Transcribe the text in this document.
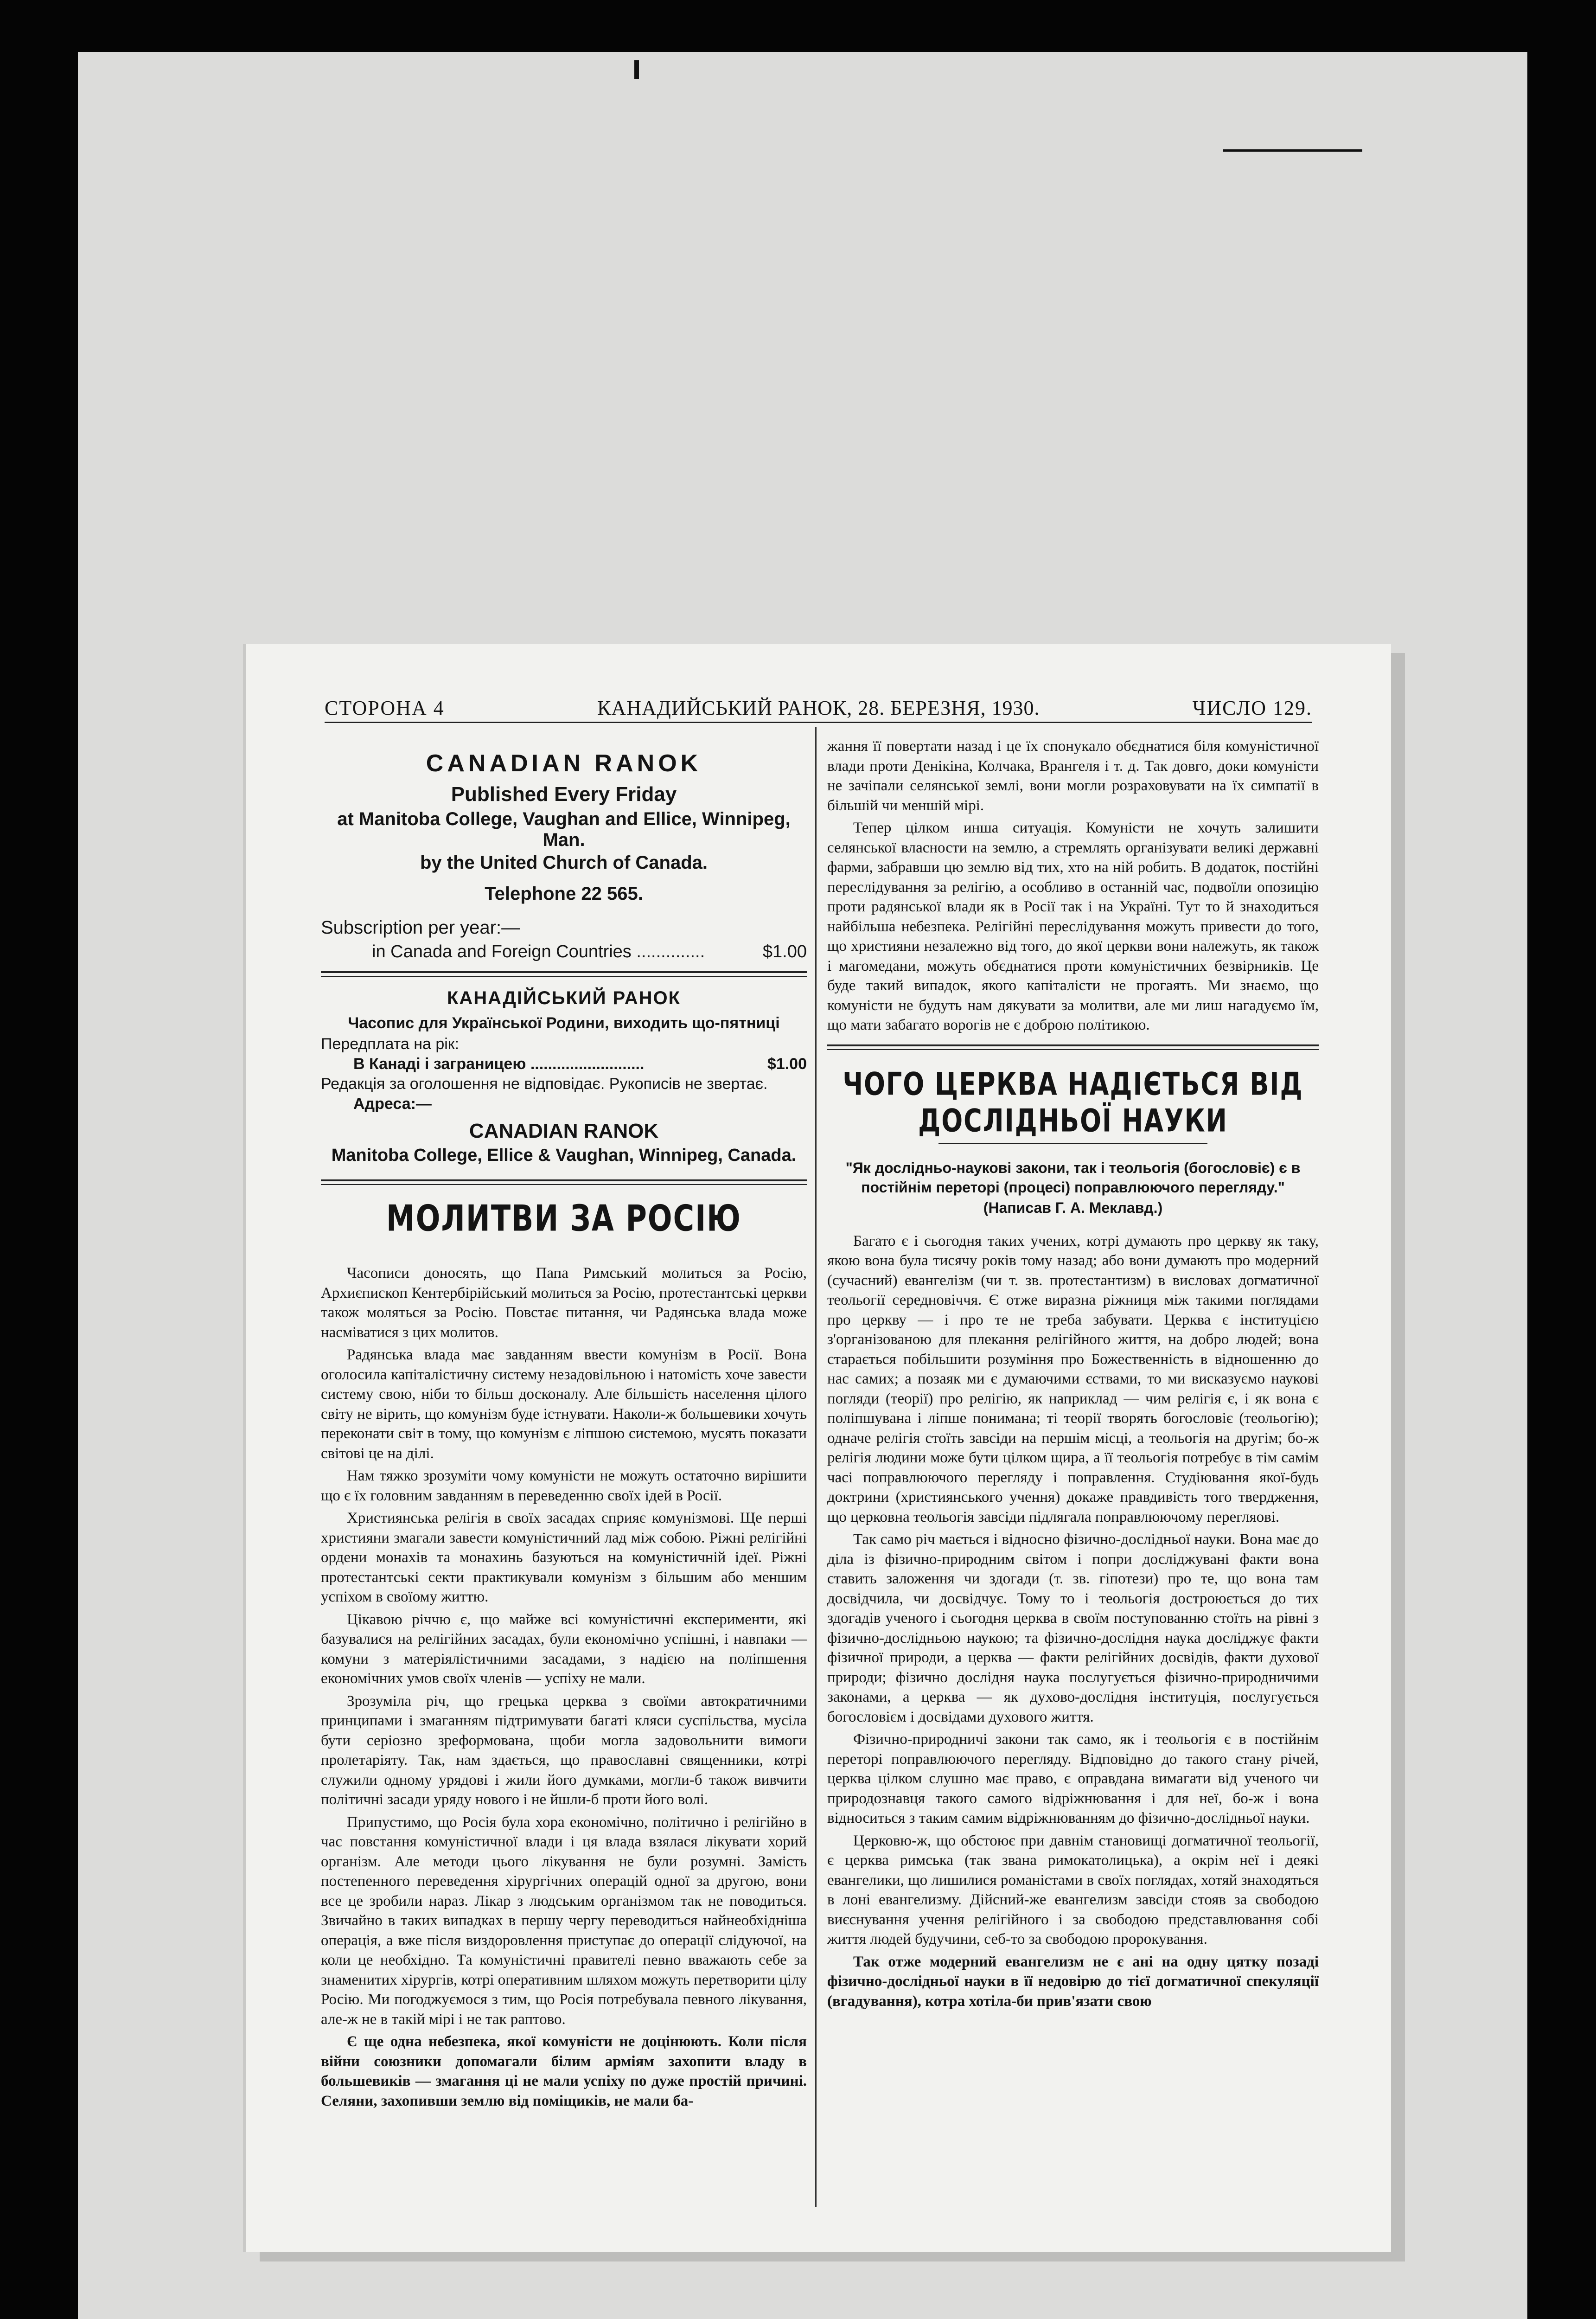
СТОРОНА 4	КАНАДИЙСЬКИЙ РАНОК, 28. БЕРЕЗНЯ, 1930.	ЧИСЛО 129.
CANADIAN RANOK
Published Every Friday
at Manitoba College, Vaughan and Ellice, Winnipeg, Man.
by the United Church of Canada.
Telephone 22 565.
Subscription per year:—
in Canada and Foreign Countries ..............	$1.00
КАНАДІЙСЬКИЙ РАНОК
Часопис для Української Родини, виходить що-пятниці
Передплата на рік:
В Канаді і заграницею ..........................	$1.00
Редакція за оголошення не відповідає. Рукописів не звертає.
Адреса:—
CANADIAN RANOK
Manitoba College, Ellice & Vaughan, Winnipeg, Canada.
МОЛИТВИ ЗА РОСІЮ

Часописи доносять, що Папа Римський молиться за Росію, Архиєпископ Кентербірійський молиться за Росію, протестантські церкви також моляться за Росію. Повстає питання, чи Радянська влада може насміватися з цих молитов.

Радянська влада має завданням ввести комунізм в Росії. Вона оголосила капіталістичну систему незадовільною і натомість хоче завести систему свою, ніби то більш досконалу. Але більшість населення цілого світу не вірить, що комунізм буде істнувати. Наколи-ж большевики хочуть переконати світ в тому, що комунізм є ліпшою системою, мусять показати світові це на ділі.

Нам тяжко зрозуміти чому комуністи не можуть остаточно вирішити що є їх головним завданням в переведенню своїх ідей в Росії.

Християнська релігія в своїх засадах сприяє комунізмові. Ще перші християни змагали завести комуністичний лад між собою. Ріжні релігійні ордени монахів та монахинь базуються на комуністичній ідеї. Ріжні протестантські секти практикували комунізм з більшим або меншим успіхом в своїому життю.

Цікавою річчю є, що майже всі комуністичні експерименти, які базувалися на релігійних засадах, були економічно успішні, і навпаки — комуни з матеріялістичними засадами, з надією на поліпшення економічних умов своїх членів — успіху не мали.

Зрозуміла річ, що грецька церква з своїми автократичними принципами і змаганням підтримувати багаті кляси суспільства, мусіла бути серіозно зреформована, щоби могла задовольнити вимоги пролетаріяту. Так, нам здається, що православні священники, котрі служили одному урядові і жили його думками, могли-б також вивчити політичні засади уряду нового і не йшли-б проти його волі.

Припустимо, що Росія була хора економічно, політично і релігійно в час повстання комуністичної влади і ця влада взялася лікувати хорий організм. Але методи цього лікування не були розумні. Замість постепенного переведення хірургічних операцій одної за другою, вони все це зробили нараз. Лікар з людським організмом так не поводиться. Звичайно в таких випадках в першу чергу переводиться найнеобхідніша операція, а вже після виздоровлення приступає до операції слідуючої, на коли це необхідно. Та комуністичні правителі певно вважають себе за знаменитих хірургів, котрі оперативним шляхом можуть перетворити цілу Росію. Ми погоджуємося з тим, що Росія потребувала певного лікування, але-ж не в такій мірі і не так раптово.

Є ще одна небезпека, якої комуністи не доцінюють. Коли після війни союзники допомагали білим арміям захопити владу в большевиків — змагання ці не мали успіху по дуже простій причині. Селяни, захопивши землю від поміщиків, не мали ба-

жання її повертати назад і це їх спонукало обєднатися біля комуністичної влади проти Денікіна, Колчака, Врангеля і т. д. Так довго, доки комуністи не зачіпали селянської землі, вони могли розраховувати на їх симпатії в більшій чи меншій мірі.

Тепер цілком инша ситуація. Комуністи не хочуть залишити селянської власности на землю, а стремлять організувати великі державні фарми, забравши цю землю від тих, хто на ній робить. В додаток, постійні переслідування за релігію, а особливо в останній час, подвоїли опозицію проти радянської влади як в Росії так і на Україні. Тут то й знаходиться найбільша небезпека. Релігійні переслідування можуть привести до того, що християни незалежно від того, до якої церкви вони належуть, як також і магомедани, можуть обєднатися проти комуністичних безвірників. Це буде такий випадок, якого капіталісти не прогаять. Ми знаємо, що комуністи не будуть нам дякувати за молитви, але ми лиш нагадуємо їм, що мати забагато ворогів не є доброю політикою.

ЧОГО ЦЕРКВА НАДІЄТЬСЯ ВІД ДОСЛІДНЬОЇ НАУКИ
"Як дослідньо-наукові закони, так і теольогія (богословіє) є в постійнім переторі (процесі) поправлюючого переглядy."
(Написав Г. А. Меклавд.)

Багато є і сьогодня таких учених, котрі думають про церкву як таку, якою вона була тисячу років тому назад; або вони думають про модерний (сучасний) евангелізм (чи т. зв. протестантизм) в висловах догматичної теольогії середновіччя. Є отже виразна ріжниця між такими поглядами про церкву — і про те не треба забувати. Церква є інституцією з'організованою для плекання релігійного життя, на добро людей; вона старається побільшити розуміння про Божественність в відношенню до нас самих; а позаяк ми є думаючими єствами, то ми висказуємо наукові погляди (теорії) про релігію, як наприклад — чим релігія є, і як вона є поліпшувана і ліпше понимана; ті теорії творять богословіє (теольогію); одначе релігія стоїть завсіди на першім місці, а теольогія на другім; бо-ж релігія людини може бути цілком щира, а її теольогія потребує в тім самім часі поправлюючого перегляду і поправлення. Студіювання якої-будь доктрини (християнського учення) докаже правдивість того твердження, що церковна теольогія завсіди підлягала поправлюючому перегляові.

Так само річ мається і відносно фізично-дослідньої науки. Вона має до діла із фізично-природним світом і попри досліджувані факти вона ставить заложення чи здогади (т. зв. гіпотези) про те, що вона там досвідчила, чи досвідчує. Тому то і теольогія достроюється до тих здогадів ученого і сьогодня церква в своїм поступованню стоїть на рівні з фізично-дослідньою наукою; та фізично-дослідня наука досліджує факти фізичної природи, а церква — факти релігійних досвідів, факти духової природи; фізично дослідня наука послугується фізично-природничими законами, а церква — як духово-дослідня інституція, послугується богословієм і досвідами духового життя.

Фізично-природничі закони так само, як і теольогія є в постійнім переторі поправлюючого перегляду. Відповідно до такого стану річей, церква цілком слушно має право, є оправдана вимагати від ученого чи природознавця такого самого відріжнювання і для неї, бо-ж і вона відноситься з таким самим відріжнюванням до фізично-дослідньої науки.

Церковю-ж, що обстоює при давнім становищі догматичної теольогії, є церква римська (так звана римокатолицька), а окрім неї і деякі евангелики, що лишилися романістами в своїх поглядах, хотяй знаходяться в лоні евангелизму. Дійсний-же евангелизм завсіди стояв за свободою виєснування учення релігійного і за свободою представлювання собі життя людей будучини, себ-то за свободою пророкування.

Так отже модерний евангелизм не є ані на одну цятку позаді фізично-дослідньої науки в її недовірю до тієї догматичної спекуляції (вгадування), котра хотіла-би прив'язати свою
